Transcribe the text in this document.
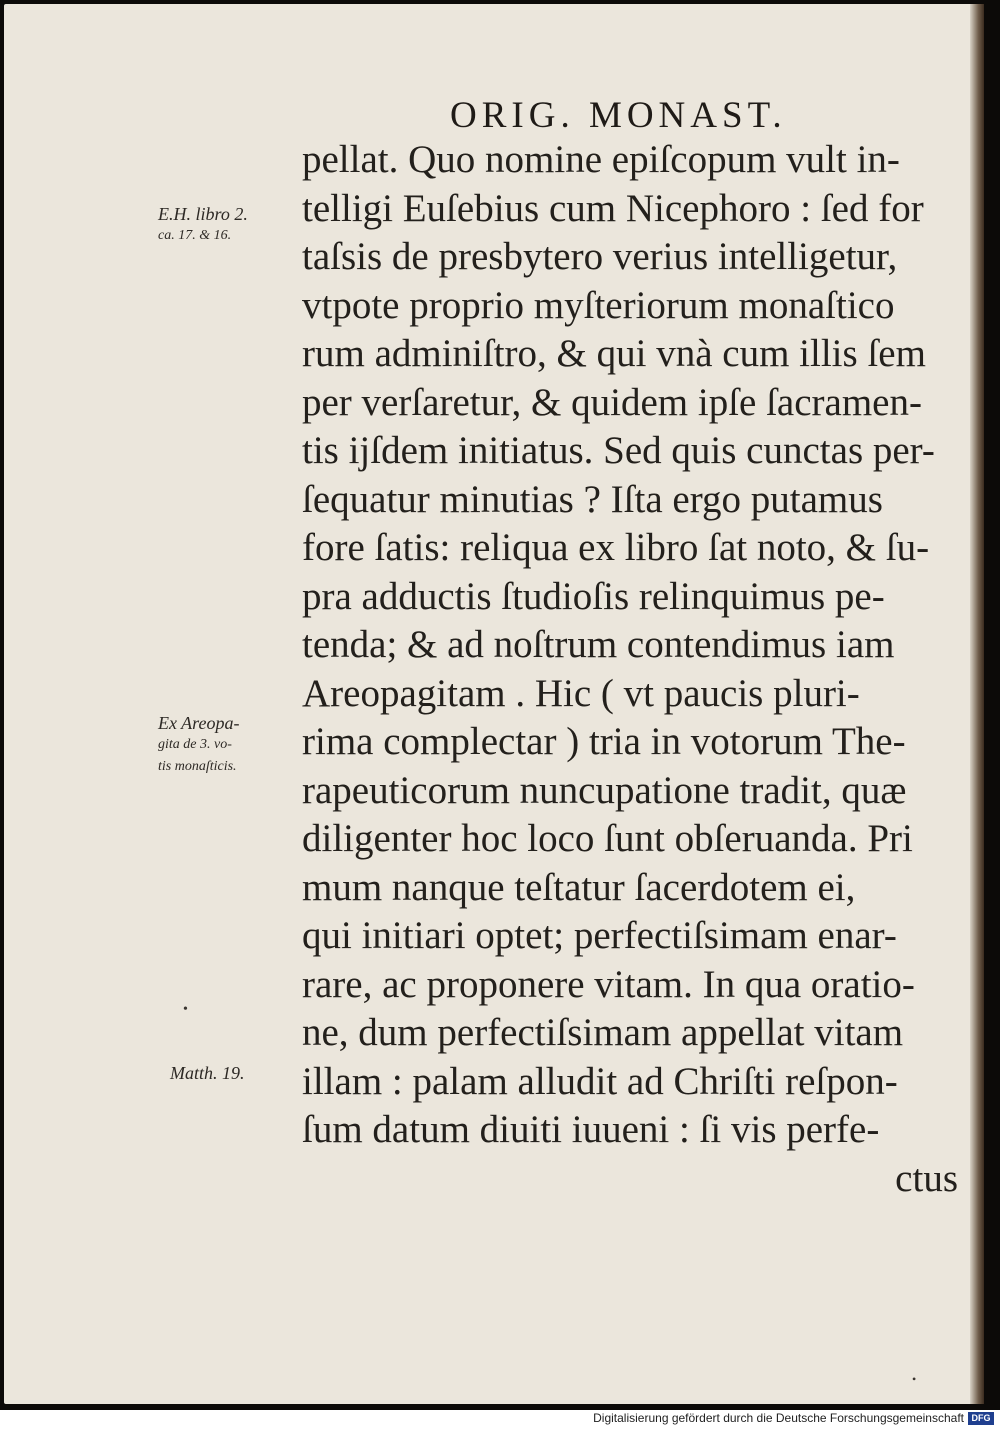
ORIG. MONAST.
pellat. Quo nomine epiſcopum vult in-
telligi Euſebius cum Nicephoro : ſed for
taſsis de presbytero verius intelligetur,
vtpote proprio myſteriorum monaſtico
rum adminiſtro, & qui vnà cum illis ſem
per verſaretur, & quidem ipſe ſacramen-
tis ijſdem initiatus. Sed quis cunctas per-
ſequatur minutias ? Iſta ergo putamus
fore ſatis: reliqua ex libro ſat noto, & ſu-
pra adductis ſtudioſis relinquimus pe-
tenda; & ad noſtrum contendimus iam
Areopagitam . Hic ( vt paucis pluri-
rima complectar ) tria in votorum The-
rapeuticorum nuncupatione tradit, quæ
diligenter hoc loco ſunt obſeruanda. Pri
mum nanque teſtatur ſacerdotem ei,
qui initiari optet; perfectiſsimam enar-
rare, ac proponere vitam. In qua oratio-
ne, dum perfectiſsimam appellat vitam
illam : palam alludit ad Chriſti reſpon-
ſum datum diuiti iuueni : ſi vis perfe-
ctus
E.H. libro 2.
ca. 17. & 16.
Ex Areopa-
gita de 3. vo-
tis monaſticis.
•
Matth. 19.
•
Digitalisierung gefördert durch die Deutsche Forschungsgemeinschaft DFG
